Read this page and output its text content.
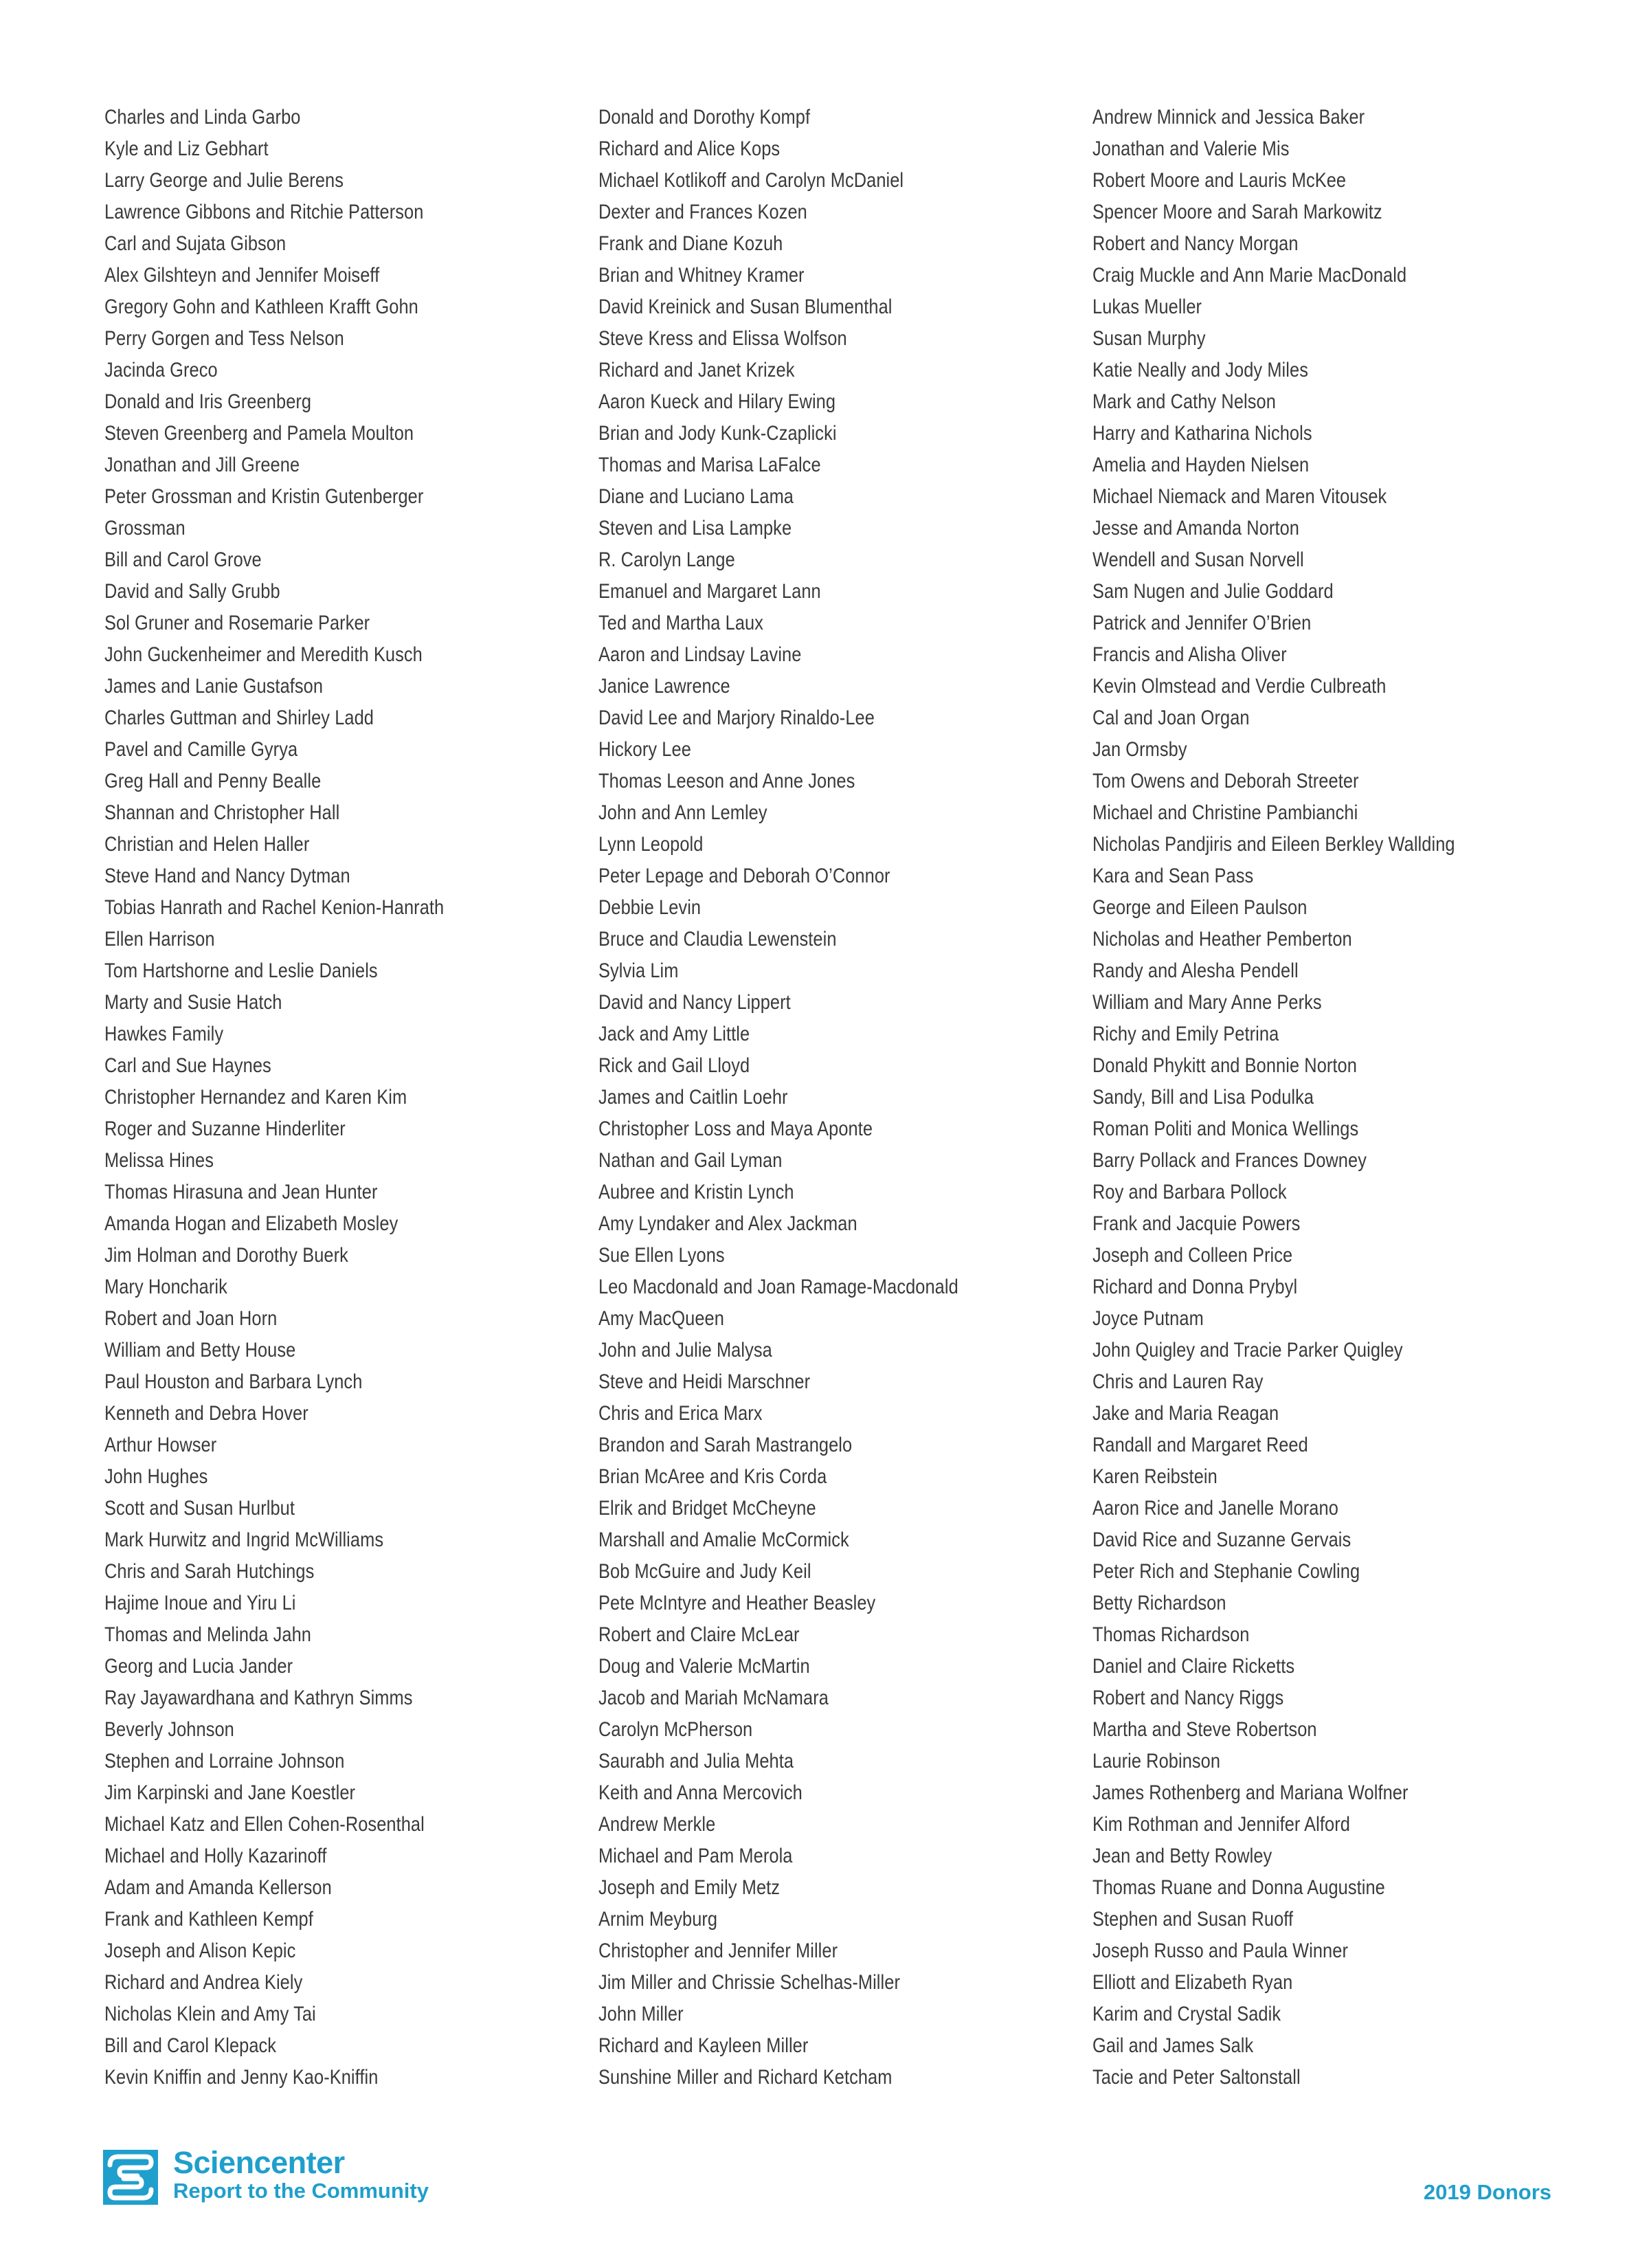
Charles and Linda Garbo
Kyle and Liz Gebhart
Larry George and Julie Berens
Lawrence Gibbons and Ritchie Patterson
Carl and Sujata Gibson
Alex Gilshteyn and Jennifer Moiseff
Gregory Gohn and Kathleen Krafft Gohn
Perry Gorgen and Tess Nelson
Jacinda Greco
Donald and Iris Greenberg
Steven Greenberg and Pamela Moulton
Jonathan and Jill Greene
Peter Grossman and Kristin Gutenberger
Grossman
Bill and Carol Grove
David and Sally Grubb
Sol Gruner and Rosemarie Parker
John Guckenheimer and Meredith Kusch
James and Lanie Gustafson
Charles Guttman and Shirley Ladd
Pavel and Camille Gyrya
Greg Hall and Penny Bealle
Shannan and Christopher Hall
Christian and Helen Haller
Steve Hand and Nancy Dytman
Tobias Hanrath and Rachel Kenion-Hanrath
Ellen Harrison
Tom Hartshorne and Leslie Daniels
Marty and Susie Hatch
Hawkes Family
Carl and Sue Haynes
Christopher Hernandez and Karen Kim
Roger and Suzanne Hinderliter
Melissa Hines
Thomas Hirasuna and Jean Hunter
Amanda Hogan and Elizabeth Mosley
Jim Holman and Dorothy Buerk
Mary Honcharik
Robert and Joan Horn
William and Betty House
Paul Houston and Barbara Lynch
Kenneth and Debra Hover
Arthur Howser
John Hughes
Scott and Susan Hurlbut
Mark Hurwitz and Ingrid McWilliams
Chris and Sarah Hutchings
Hajime Inoue and Yiru Li
Thomas and Melinda Jahn
Georg and Lucia Jander
Ray Jayawardhana and Kathryn Simms
Beverly Johnson
Stephen and Lorraine Johnson
Jim Karpinski and Jane Koestler
Michael Katz and Ellen Cohen-Rosenthal
Michael and Holly Kazarinoff
Adam and Amanda Kellerson
Frank and Kathleen Kempf
Joseph and Alison Kepic
Richard and Andrea Kiely
Nicholas Klein and Amy Tai
Bill and Carol Klepack
Kevin Kniffin and Jenny Kao-Kniffin
Donald and Dorothy Kompf
Richard and Alice Kops
Michael Kotlikoff and Carolyn McDaniel
Dexter and Frances Kozen
Frank and Diane Kozuh
Brian and Whitney Kramer
David Kreinick and Susan Blumenthal
Steve Kress and Elissa Wolfson
Richard and Janet Krizek
Aaron Kueck and Hilary Ewing
Brian and Jody Kunk-Czaplicki
Thomas and Marisa LaFalce
Diane and Luciano Lama
Steven and Lisa Lampke
R. Carolyn Lange
Emanuel and Margaret Lann
Ted and Martha Laux
Aaron and Lindsay Lavine
Janice Lawrence
David Lee and Marjory Rinaldo-Lee
Hickory Lee
Thomas Leeson and Anne Jones
John and Ann Lemley
Lynn Leopold
Peter Lepage and Deborah O’Connor
Debbie Levin
Bruce and Claudia Lewenstein
Sylvia Lim
David and Nancy Lippert
Jack and Amy Little
Rick and Gail Lloyd
James and Caitlin Loehr
Christopher Loss and Maya Aponte
Nathan and Gail Lyman
Aubree and Kristin Lynch
Amy Lyndaker and Alex Jackman
Sue Ellen Lyons
Leo Macdonald and Joan Ramage-Macdonald
Amy MacQueen
John and Julie Malysa
Steve and Heidi Marschner
Chris and Erica Marx
Brandon and Sarah Mastrangelo
Brian McAree and Kris Corda
Elrik and Bridget McCheyne
Marshall and Amalie McCormick
Bob McGuire and Judy Keil
Pete McIntyre and Heather Beasley
Robert and Claire McLear
Doug and Valerie McMartin
Jacob and Mariah McNamara
Carolyn McPherson
Saurabh and Julia Mehta
Keith and Anna Mercovich
Andrew Merkle
Michael and Pam Merola
Joseph and Emily Metz
Arnim Meyburg
Christopher and Jennifer Miller
Jim Miller and Chrissie Schelhas-Miller
John Miller
Richard and Kayleen Miller
Sunshine Miller and Richard Ketcham
Andrew Minnick and Jessica Baker
Jonathan and Valerie Mis
Robert Moore and Lauris McKee
Spencer Moore and Sarah Markowitz
Robert and Nancy Morgan
Craig Muckle and Ann Marie MacDonald
Lukas Mueller
Susan Murphy
Katie Neally and Jody Miles
Mark and Cathy Nelson
Harry and Katharina Nichols
Amelia and Hayden Nielsen
Michael Niemack and Maren Vitousek
Jesse and Amanda Norton
Wendell and Susan Norvell
Sam Nugen and Julie Goddard
Patrick and Jennifer O’Brien
Francis and Alisha Oliver
Kevin Olmstead and Verdie Culbreath
Cal and Joan Organ
Jan Ormsby
Tom Owens and Deborah Streeter
Michael and Christine Pambianchi
Nicholas Pandjiris and Eileen Berkley Wallding
Kara and Sean Pass
George and Eileen Paulson
Nicholas and Heather Pemberton
Randy and Alesha Pendell
William and Mary Anne Perks
Richy and Emily Petrina
Donald Phykitt and Bonnie Norton
Sandy, Bill and Lisa Podulka
Roman Politi and Monica Wellings
Barry Pollack and Frances Downey
Roy and Barbara Pollock
Frank and Jacquie Powers
Joseph and Colleen Price
Richard and Donna Prybyl
Joyce Putnam
John Quigley and Tracie Parker Quigley
Chris and Lauren Ray
Jake and Maria Reagan
Randall and Margaret Reed
Karen Reibstein
Aaron Rice and Janelle Morano
David Rice and Suzanne Gervais
Peter Rich and Stephanie Cowling
Betty Richardson
Thomas Richardson
Daniel and Claire Ricketts
Robert and Nancy Riggs
Martha and Steve Robertson
Laurie Robinson
James Rothenberg and Mariana Wolfner
Kim Rothman and Jennifer Alford
Jean and Betty Rowley
Thomas Ruane and Donna Augustine
Stephen and Susan Ruoff
Joseph Russo and Paula Winner
Elliott and Elizabeth Ryan
Karim and Crystal Sadik
Gail and James Salk
Tacie and Peter Saltonstall
Sciencenter
Report to the Community	2019 Donors
